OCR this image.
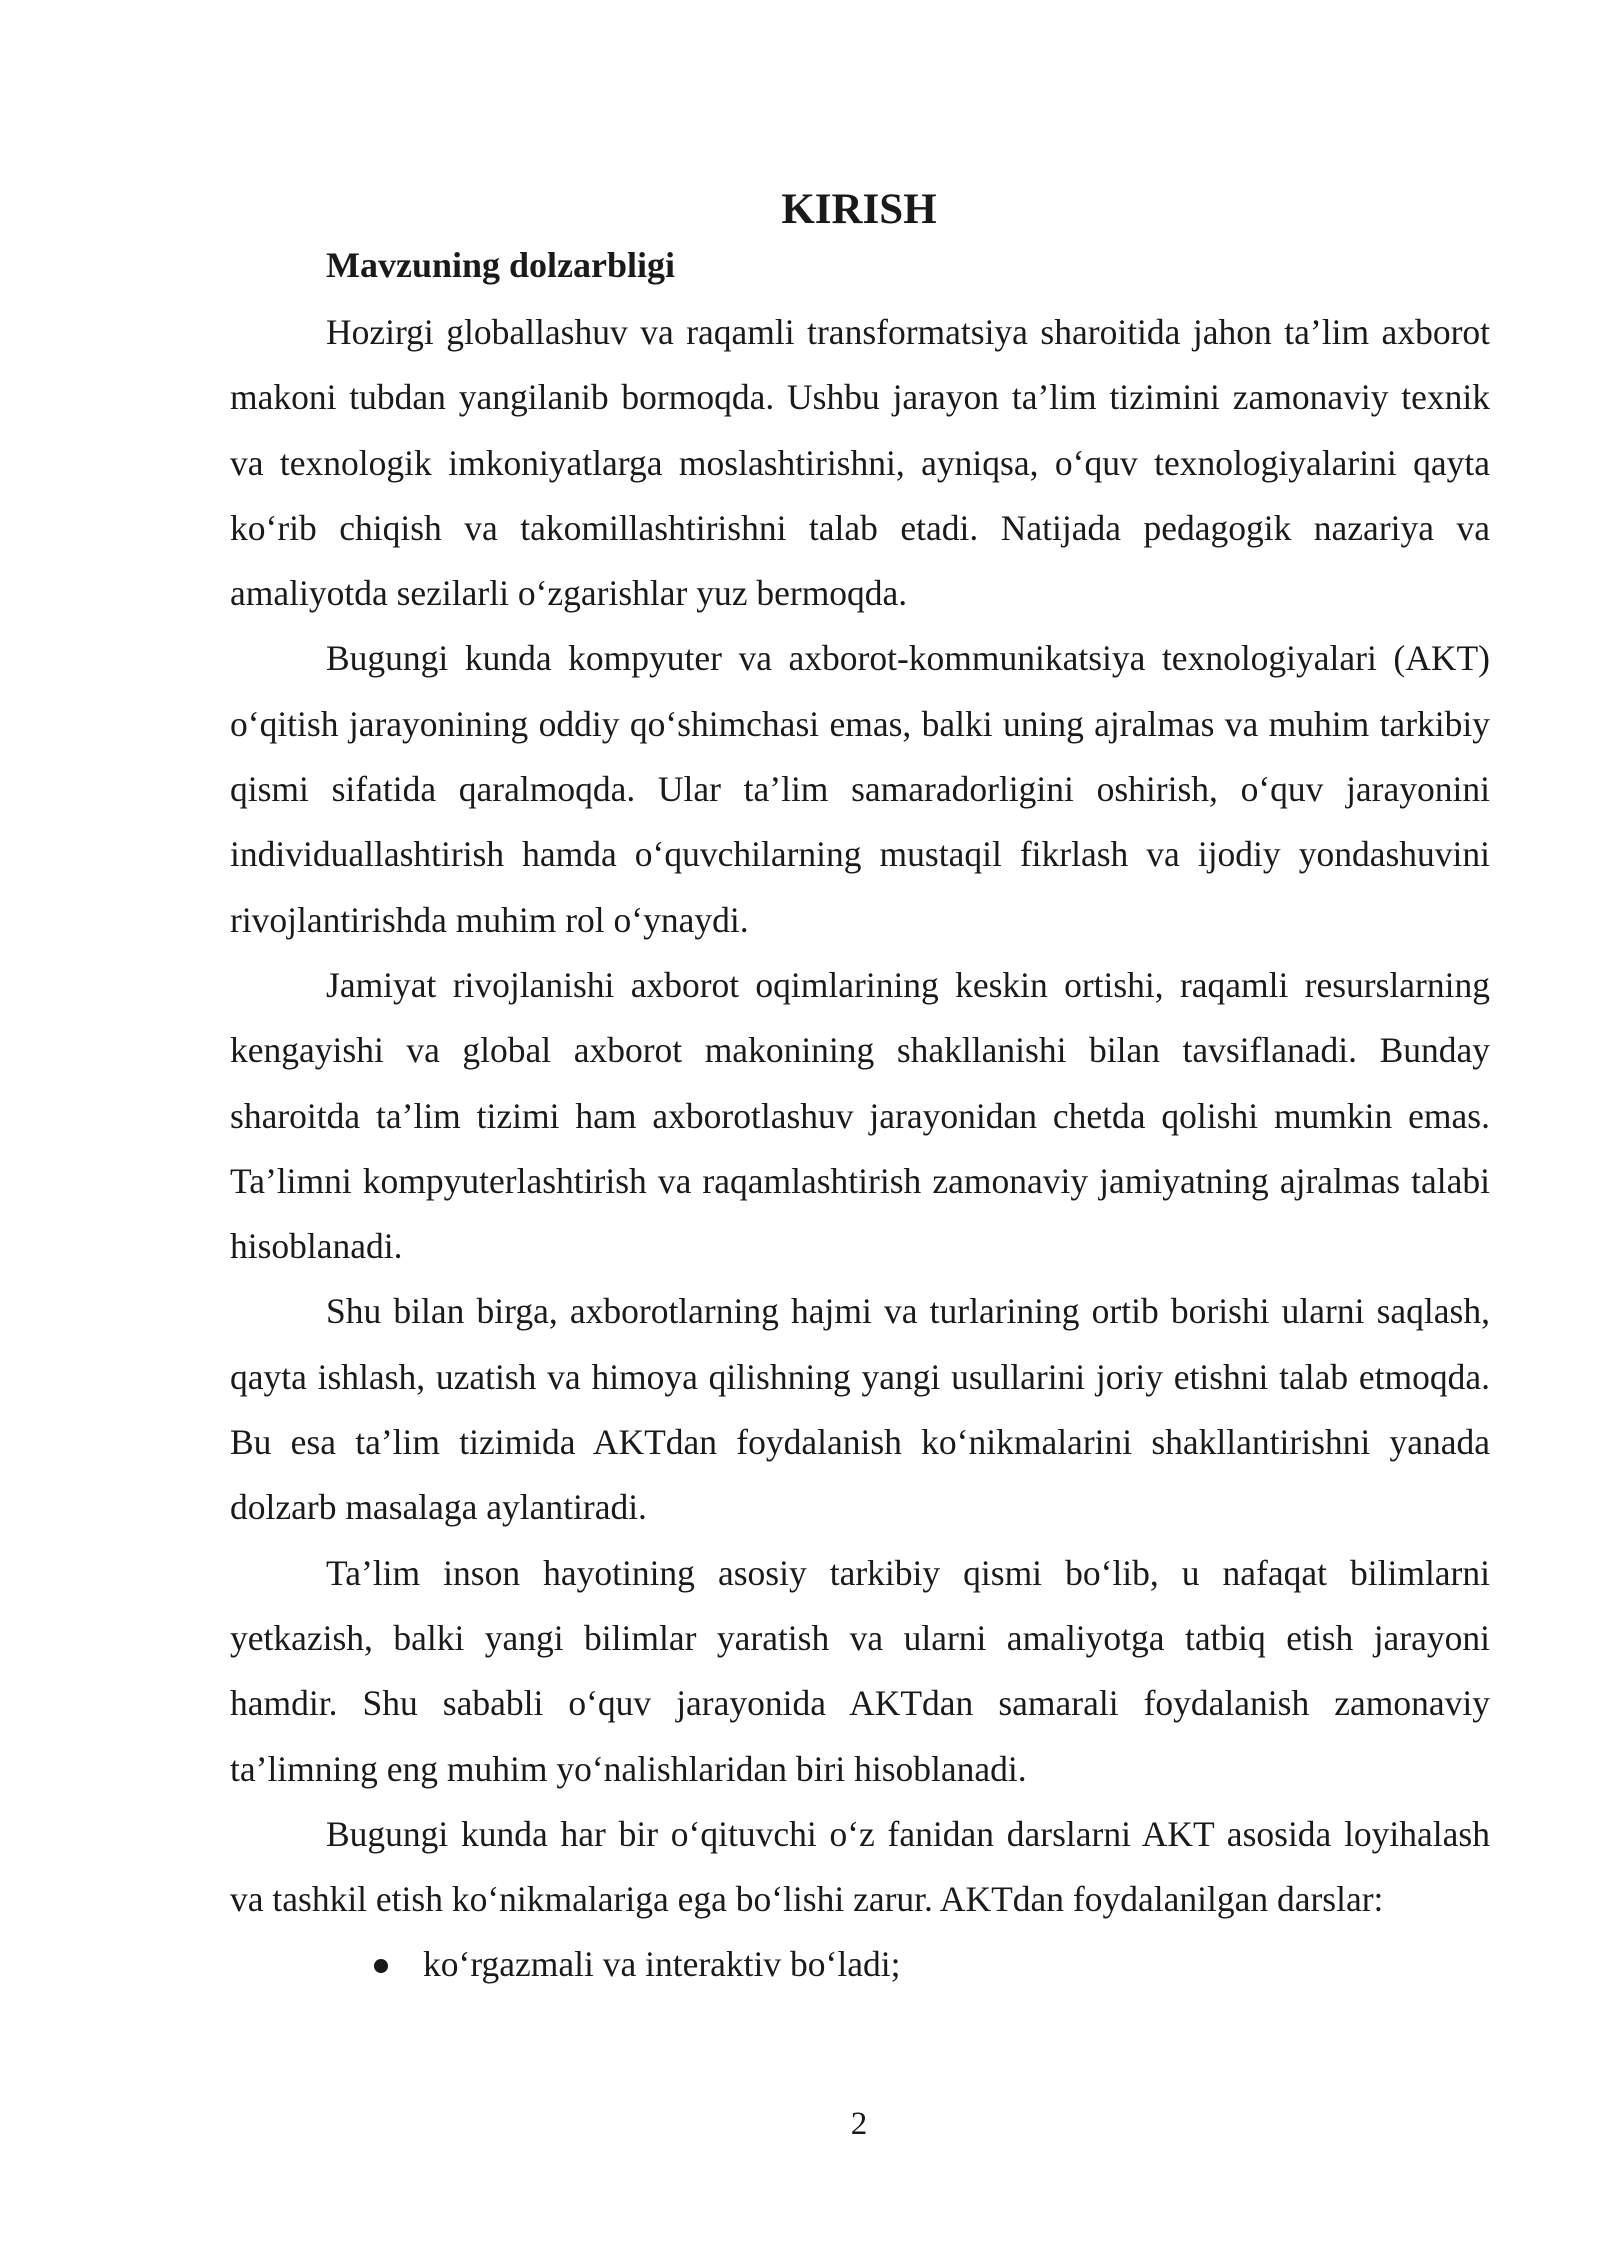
KIRISH
Mavzuning dolzarbligi

Hozirgi globallashuv va raqamli transformatsiya sharoitida jahon ta’lim axborot makoni tubdan yangilanib bormoqda. Ushbu jarayon ta’lim tizimini zamonaviy texnik va texnologik imkoniyatlarga moslashtirishni, ayniqsa, o‘quv texnologiyalarini qayta ko‘rib chiqish va takomillashtirishni talab etadi. Natijada pedagogik nazariya va amaliyotda sezilarli o‘zgarishlar yuz bermoqda.

Bugungi kunda kompyuter va axborot-kommunikatsiya texnologiyalari (AKT) o‘qitish jarayonining oddiy qo‘shimchasi emas, balki uning ajralmas va muhim tarkibiy qismi sifatida qaralmoqda. Ular ta’lim samaradorligini oshirish, o‘quv jarayonini individuallashtirish hamda o‘quvchilarning mustaqil fikrlash va ijodiy yondashuvini rivojlantirishda muhim rol o‘ynaydi.

Jamiyat rivojlanishi axborot oqimlarining keskin ortishi, raqamli resurslarning kengayishi va global axborot makonining shakllanishi bilan tavsiflanadi. Bunday sharoitda ta’lim tizimi ham axborotlashuv jarayonidan chetda qolishi mumkin emas. Ta’limni kompyuterlashtirish va raqamlashtirish zamonaviy jamiyatning ajralmas talabi hisoblanadi.

Shu bilan birga, axborotlarning hajmi va turlarining ortib borishi ularni saqlash, qayta ishlash, uzatish va himoya qilishning yangi usullarini joriy etishni talab etmoqda. Bu esa ta’lim tizimida AKTdan foydalanish ko‘nikmalarini shakllantirishni yanada dolzarb masalaga aylantiradi.

Ta’lim inson hayotining asosiy tarkibiy qismi bo‘lib, u nafaqat bilimlarni yetkazish, balki yangi bilimlar yaratish va ularni amaliyotga tatbiq etish jarayoni hamdir. Shu sababli o‘quv jarayonida AKTdan samarali foydalanish zamonaviy ta’limning eng muhim yo‘nalishlaridan biri hisoblanadi.

Bugungi kunda har bir o‘qituvchi o‘z fanidan darslarni AKT asosida loyihalash va tashkil etish ko‘nikmalariga ega bo‘lishi zarur. AKTdan foydalanilgan darslar:

ko‘rgazmali va interaktiv bo‘ladi;

2
